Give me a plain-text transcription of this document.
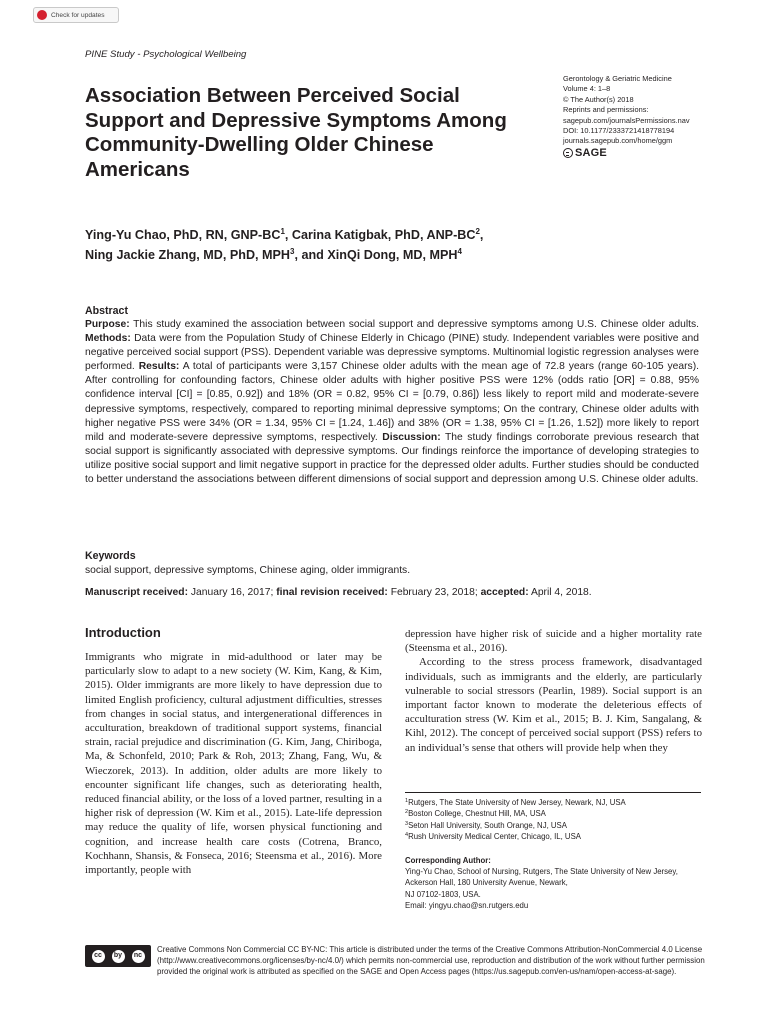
Check for updates
PINE Study - Psychological Wellbeing
Association Between Perceived Social Support and Depressive Symptoms Among Community-Dwelling Older Chinese Americans
Gerontology & Geriatric Medicine
Volume 4: 1–8
© The Author(s) 2018
Reprints and permissions:
sagepub.com/journalsPermissions.nav
DOI: 10.1177/2333721418778194
journals.sagepub.com/home/ggm
SAGE
Ying-Yu Chao, PhD, RN, GNP-$BC^1$, Carina Katigbak, PhD, ANP-$BC^2$,
Ning Jackie Zhang, MD, PhD, MPH$^3$, and XinQi Dong, MD, MPH$^4$
Abstract

Purpose: This study examined the association between social support and depressive symptoms among U.S. Chinese older adults. Methods: Data were from the Population Study of Chinese Elderly in Chicago (PINE) study. Independent variables were positive and negative perceived social support (PSS). Dependent variable was depressive symptoms. Multinomial logistic regression analyses were performed. Results: A total of participants were 3,157 Chinese older adults with the mean age of 72.8 years (range 60-105 years). After controlling for confounding factors, Chinese older adults with higher positive PSS were 12% (odds ratio [OR] = 0.88, 95% confidence interval [CI] = [0.85, 0.92]) and 18% (OR = 0.82, 95% CI = [0.79, 0.86]) less likely to report mild and moderate-severe depressive symptoms, respectively, compared to reporting minimal depressive symptoms; On the contrary, Chinese older adults with higher negative PSS were 34% (OR = 1.34, 95% CI = [1.24, 1.46]) and 38% (OR = 1.38, 95% CI = [1.26, 1.52]) more likely to report mild and moderate-severe depressive symptoms, respectively. Discussion: The study findings corroborate previous research that social support is significantly associated with depressive symptoms. Our findings reinforce the importance of developing strategies to utilize positive social support and limit negative support in practice for the depressed older adults. Further studies should be conducted to better understand the associations between different dimensions of social support and depression among U.S. Chinese older adults.

Keywords
social support, depressive symptoms, Chinese aging, older immigrants.
Manuscript received: January 16, 2017; final revision received: February 23, 2018; accepted: April 4, 2018.
Introduction

Immigrants who migrate in mid-adulthood or later may be particularly slow to adapt to a new society (W. Kim, Kang, & Kim, 2015). Older immigrants are more likely to have depression due to limited English proficiency, cultural adjustment difficulties, stresses from changes in social status, and intergenerational differences in acculturation, breakdown of traditional support systems, financial strain, racial prejudice and discrimination (G. Kim, Jang, Chiriboga, Ma, & Schonfeld, 2010; Park & Roh, 2013; Zhang, Fang, Wu, & Wieczorek, 2013). In addition, older adults are more likely to encounter significant life changes, such as deteriorating health, reduced financial ability, or the loss of a loved partner, resulting in a higher risk of depression (W. Kim et al., 2015). Late-life depression may reduce the quality of life, worsen physical functioning and cognition, and increase health care costs (Cotrena, Branco, Kochhann, Shansis, & Fonseca, 2016; Steensma et al., 2016). More importantly, people with

depression have higher risk of suicide and a higher mortality rate (Steensma et al., 2016).

According to the stress process framework, disadvantaged individuals, such as immigrants and the elderly, are particularly vulnerable to social stressors (Pearlin, 1989). Social support is an important factor known to moderate the deleterious effects of acculturation stress (W. Kim et al., 2015; B. J. Kim, Sangalang, & Kihl, 2012). The concept of perceived social support (PSS) refers to an individual’s sense that others will provide help when they

$^1$Rutgers, The State University of New Jersey, Newark, NJ, USA
$^2$Boston College, Chestnut Hill, MA, USA
$^3$Seton Hall University, South Orange, NJ, USA
$^4$Rush University Medical Center, Chicago, IL, USA
Corresponding Author:
Ying-Yu Chao, School of Nursing, Rutgers, The State University of New Jersey, Ackerson Hall, 180 University Avenue, Newark,
NJ 07102-1803, USA.
Email: yingyu.chao@sn.rutgers.edu
cc	by	nc
Creative Commons Non Commercial CC BY-NC: This article is distributed under the terms of the Creative Commons Attribution-NonCommercial 4.0 License (http://www.creativecommons.org/licenses/by-nc/4.0/) which permits non-commercial use, reproduction and distribution of the work without further permission provided the original work is attributed as specified on the SAGE and Open Access pages (https://us.sagepub.com/en-us/nam/open-access-at-sage).
